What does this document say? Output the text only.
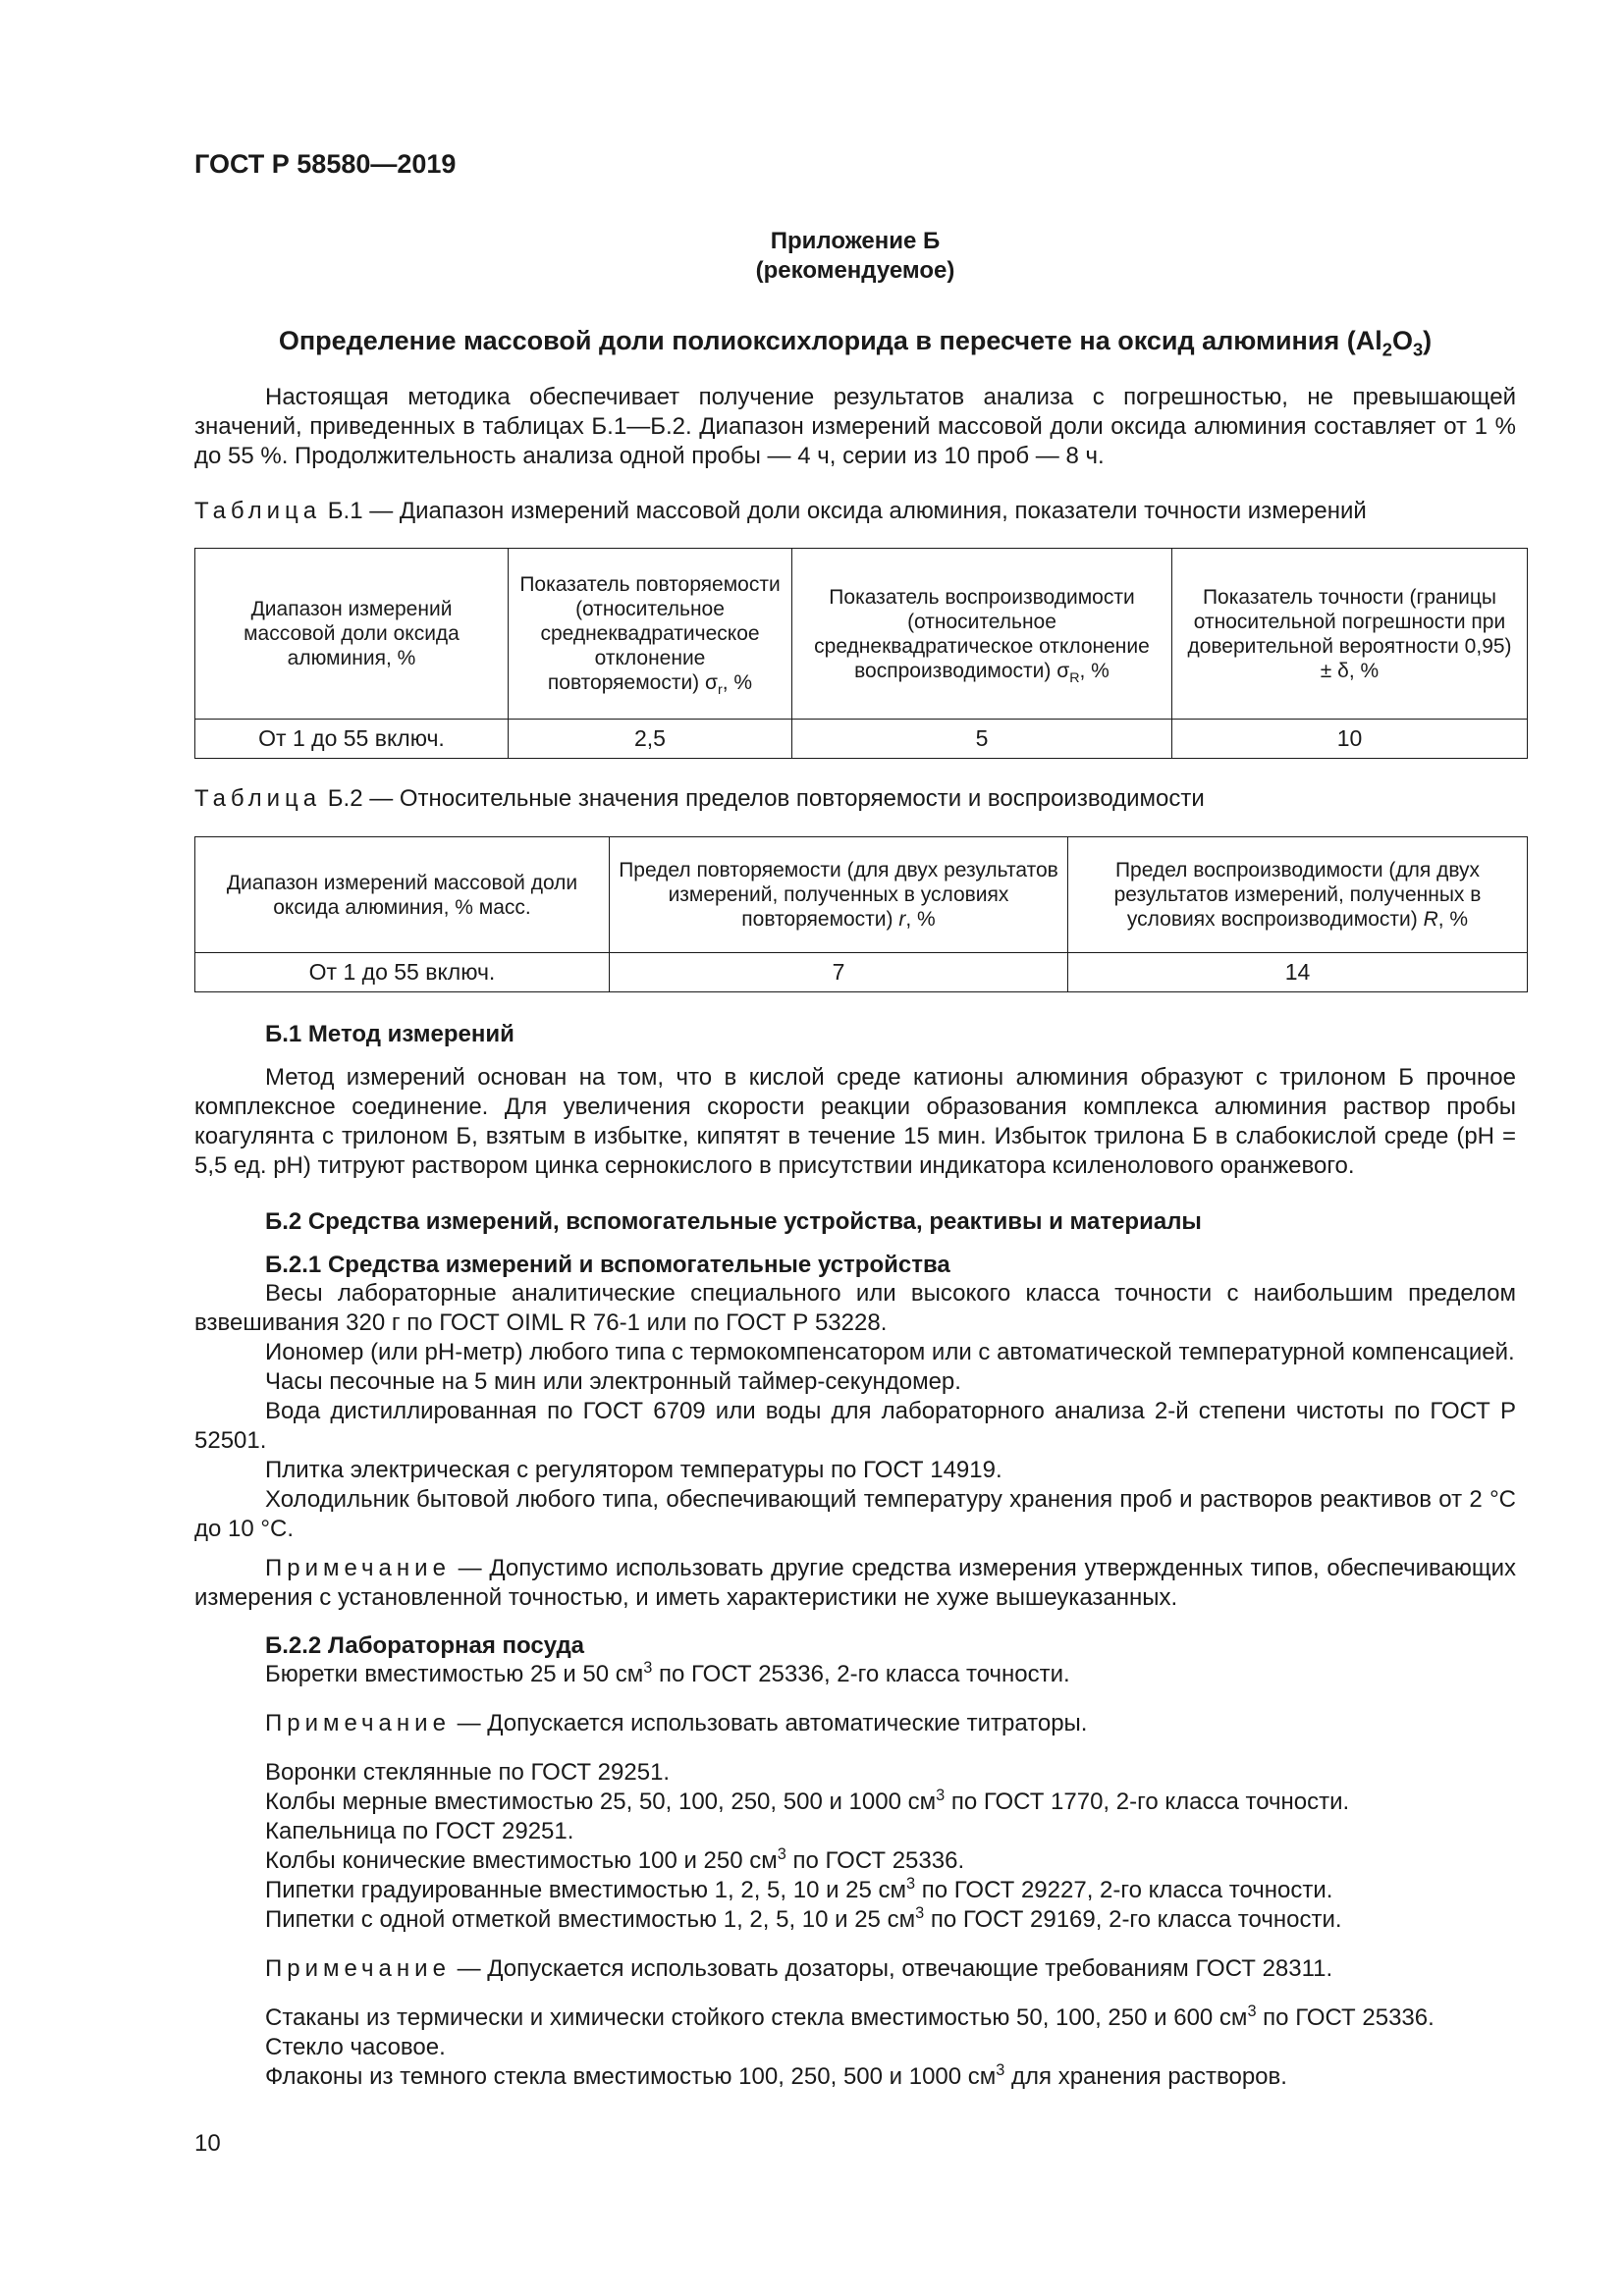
ГОСТ Р 58580—2019
Приложение Б
(рекомендуемое)
Определение массовой доли полиоксихлорида в пересчете на оксид алюминия $(Al_2O_3)$
Настоящая методика обеспечивает получение результатов анализа с погрешностью, не превышающей значений, приведенных в таблицах Б.1—Б.2. Диапазон измерений массовой доли оксида алюминия составляет от 1 % до 55 %. Продолжительность анализа одной пробы — 4 ч, серии из 10 проб — 8 ч.
Таблица Б.1 — Диапазон измерений массовой доли оксида алюминия, показатели точности измерений
Диапазон измерений массовой доли оксида алюминия, %	Показатель повторяемости (относительное среднеквадратическое отклонение повторяемости) $\sigma_r$, %	Показатель воспроизводимости (относительное среднеквадратическое отклонение воспроизводимости) $\sigma_R$, %	Показатель точности (границы относительной погрешности при доверительной вероятности 0,95) ± δ, %
От 1 до 55 включ.	2,5	5	10
Таблица Б.2 — Относительные значения пределов повторяемости и воспроизводимости
Диапазон измерений массовой доли оксида алюминия, % масс.	Предел повторяемости (для двух результатов измерений, полученных в условиях повторяемости) r, %	Предел воспроизводимости (для двух результатов измерений, полученных в условиях воспроизводимости) R, %
От 1 до 55 включ.	7	14
Б.1 Метод измерений
Метод измерений основан на том, что в кислой среде катионы алюминия образуют с трилоном Б прочное комплексное соединение. Для увеличения скорости реакции образования комплекса алюминия раствор пробы коагулянта с трилоном Б, взятым в избытке, кипятят в течение 15 мин. Избыток трилона Б в слабокислой среде (pH = 5,5 ед. pH) титруют раствором цинка сернокислого в присутствии индикатора ксиленолового оранжевого.
Б.2 Средства измерений, вспомогательные устройства, реактивы и материалы
Б.2.1 Средства измерений и вспомогательные устройства
Весы лабораторные аналитические специального или высокого класса точности с наибольшим пределом взвешивания 320 г по ГОСТ OIML R 76-1 или по ГОСТ Р 53228.
Иономер (или pH-метр) любого типа с термокомпенсатором или с автоматической температурной компенсацией.
Часы песочные на 5 мин или электронный таймер-секундомер.
Вода дистиллированная по ГОСТ 6709 или воды для лабораторного анализа 2-й степени чистоты по ГОСТ Р 52501.
Плитка электрическая с регулятором температуры по ГОСТ 14919.
Холодильник бытовой любого типа, обеспечивающий температуру хранения проб и растворов реактивов от 2 °С до 10 °С.
Примечание — Допустимо использовать другие средства измерения утвержденных типов, обеспечивающих измерения с установленной точностью, и иметь характеристики не хуже вышеуказанных.
Б.2.2 Лабораторная посуда
Бюретки вместимостью 25 и 50 $см^3$ по ГОСТ 25336, 2-го класса точности.
Примечание — Допускается использовать автоматические титраторы.
Воронки стеклянные по ГОСТ 29251.
Колбы мерные вместимостью 25, 50, 100, 250, 500 и 1000 $см^3$ по ГОСТ 1770, 2-го класса точности.
Капельница по ГОСТ 29251.
Колбы конические вместимостью 100 и 250 $см^3$ по ГОСТ 25336.
Пипетки градуированные вместимостью 1, 2, 5, 10 и 25 $см^3$ по ГОСТ 29227, 2-го класса точности.
Пипетки с одной отметкой вместимостью 1, 2, 5, 10 и 25 $см^3$ по ГОСТ 29169, 2-го класса точности.
Примечание — Допускается использовать дозаторы, отвечающие требованиям ГОСТ 28311.
Стаканы из термически и химически стойкого стекла вместимостью 50, 100, 250 и 600 $см^3$ по ГОСТ 25336.
Стекло часовое.
Флаконы из темного стекла вместимостью 100, 250, 500 и 1000 $см^3$ для хранения растворов.
10
